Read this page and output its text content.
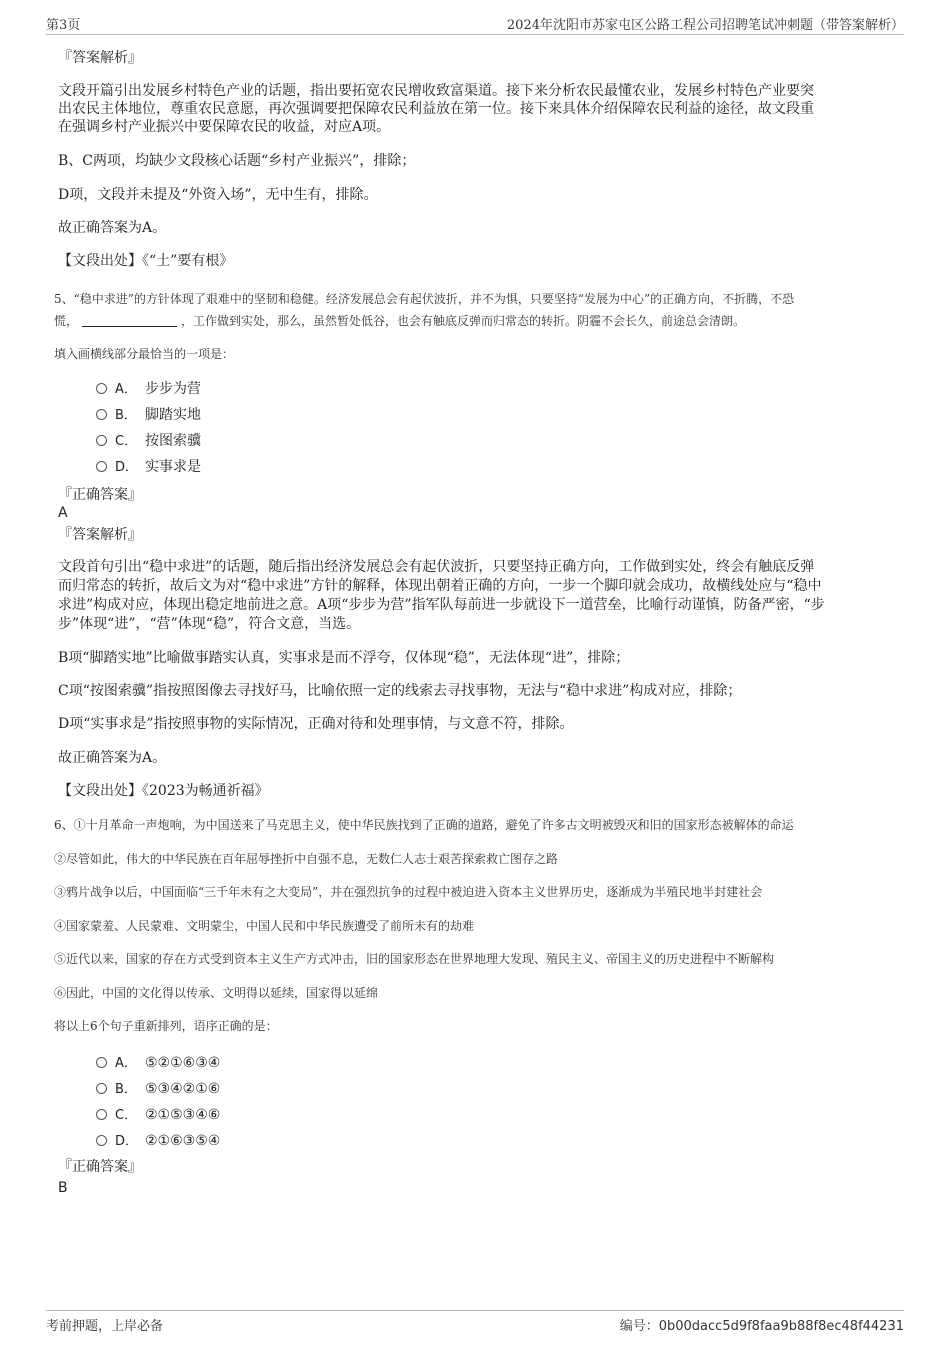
第3页	2024年沈阳市苏家屯区公路工程公司招聘笔试冲刺题（带答案解析）
『答案解析』
文段开篇引出发展乡村特色产业的话题，指出要拓宽农民增收致富渠道。接下来分析农民最懂农业，发展乡村特色产业要突
出农民主体地位，尊重农民意愿，再次强调要把保障农民利益放在第一位。接下来具体介绍保障农民利益的途径，故文段重
在强调乡村产业振兴中要保障农民的收益，对应A项。
B、C两项，均缺少文段核心话题“乡村产业振兴”，排除；
D项，文段并未提及“外资入场”，无中生有，排除。
故正确答案为A。
【文段出处】《“土”要有根》
5、“稳中求进”的方针体现了艰难中的坚韧和稳健。经济发展总会有起伏波折，并不为惧，只要坚持“发展为中心”的正确方向，不折腾，不恐
慌，	，工作做到实处，那么，虽然暂处低谷，也会有触底反弹而归常态的转折。阴霾不会长久，前途总会清朗。
填入画横线部分最恰当的一项是：
A． 步步为营
B． 脚踏实地
C． 按图索骥
D． 实事求是
『正确答案』
A
『答案解析』
文段首句引出“稳中求进”的话题，随后指出经济发展总会有起伏波折，只要坚持正确方向，工作做到实处，终会有触底反弹
而归常态的转折，故后文为对“稳中求进”方针的解释，体现出朝着正确的方向，一步一个脚印就会成功，故横线处应与“稳中
求进”构成对应，体现出稳定地前进之意。A项“步步为营”指军队每前进一步就设下一道营垒，比喻行动谨慎，防备严密，“步
步”体现“进”，“营”体现“稳”，符合文意，当选。
B项“脚踏实地”比喻做事踏实认真，实事求是而不浮夸，仅体现“稳”，无法体现“进”，排除；
C项“按图索骥”指按照图像去寻找好马，比喻依照一定的线索去寻找事物，无法与“稳中求进”构成对应，排除；
D项“实事求是”指按照事物的实际情况，正确对待和处理事情，与文意不符，排除。
故正确答案为A。
【文段出处】《2023为畅通祈福》
6、①十月革命一声炮响，为中国送来了马克思主义，使中华民族找到了正确的道路，避免了许多古文明被毁灭和旧的国家形态被解体的命运
②尽管如此，伟大的中华民族在百年屈辱挫折中自强不息，无数仁人志士艰苦探索救亡图存之路
③鸦片战争以后，中国面临“三千年未有之大变局”，并在强烈抗争的过程中被迫进入资本主义世界历史，逐渐成为半殖民地半封建社会
④国家蒙羞、人民蒙难、文明蒙尘，中国人民和中华民族遭受了前所未有的劫难
⑤近代以来，国家的存在方式受到资本主义生产方式冲击，旧的国家形态在世界地理大发现、殖民主义、帝国主义的历史进程中不断解构
⑥因此，中国的文化得以传承、文明得以延续，国家得以延绵
将以上6个句子重新排列，语序正确的是：
A． ⑤②①⑥③④
B． ⑤③④②①⑥
C． ②①⑤③④⑥
D． ②①⑥③⑤④
『正确答案』
B
考前押题，上岸必备	编号：0b00dacc5d9f8faa9b88f8ec48f44231
